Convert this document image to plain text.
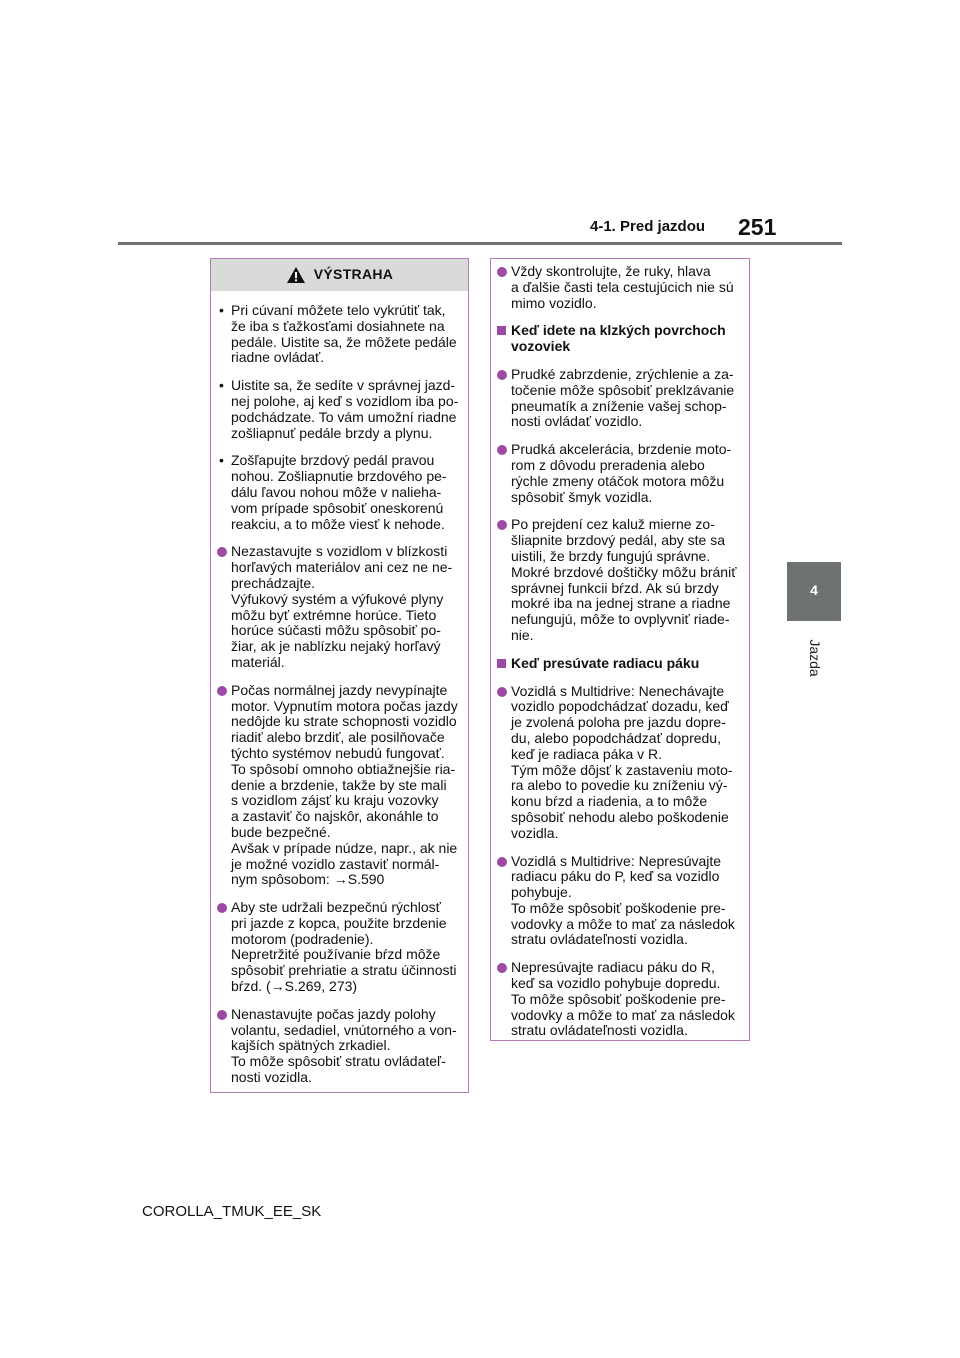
4-1. Pred jazdou 251
4
Jazda
VÝSTRAHA
• Pri cúvaní môžete telo vykrútiť tak,
že iba s ťažkosťami dosiahnete na
pedále. Uistite sa, že môžete pedále
riadne ovládať.
• Uistite sa, že sedíte v správnej jazd-
nej polohe, aj keď s vozidlom iba po-
podchádzate. To vám umožní riadne
zošliapnuť pedále brzdy a plynu.
• Zošľapujte brzdový pedál pravou
nohou. Zošliapnutie brzdového pe-
dálu ľavou nohou môže v nalieha-
vom prípade spôsobiť oneskorenú
reakciu, a to môže viesť k nehode.
Nezastavujte s vozidlom v blízkosti
horľavých materiálov ani cez ne ne-
prechádzajte.
Výfukový systém a výfukové plyny
môžu byť extrémne horúce. Tieto
horúce súčasti môžu spôsobiť po-
žiar, ak je nablízku nejaký horľavý
materiál.
Počas normálnej jazdy nevypínajte
motor. Vypnutím motora počas jazdy
nedôjde ku strate schopnosti vozidlo
riadiť alebo brzdiť, ale posilňovače
týchto systémov nebudú fungovať.
To spôsobí omnoho obtiažnejšie ria-
denie a brzdenie, takže by ste mali
s vozidlom zájsť ku kraju vozovky
a zastaviť čo najskôr, akonáhle to
bude bezpečné.
Avšak v prípade núdze, napr., ak nie
je možné vozidlo zastaviť normál-
nym spôsobom: →S.590
Aby ste udržali bezpečnú rýchlosť
pri jazde z kopca, použite brzdenie
motorom (podradenie).
Nepretržité používanie bŕzd môže
spôsobiť prehriatie a stratu účinnosti
bŕzd. (→S.269, 273)
Nenastavujte počas jazdy polohy
volantu, sedadiel, vnútorného a von-
kajších spätných zrkadiel.
To môže spôsobiť stratu ovládateľ-
nosti vozidla.
Vždy skontrolujte, že ruky, hlava
a ďalšie časti tela cestujúcich nie sú
mimo vozidlo.
Keď idete na klzkých povrchoch
vozoviek
Prudké zabrzdenie, zrýchlenie a za-
točenie môže spôsobiť preklzávanie
pneumatík a zníženie vašej schop-
nosti ovládať vozidlo.
Prudká akcelerácia, brzdenie moto-
rom z dôvodu preradenia alebo
rýchle zmeny otáčok motora môžu
spôsobiť šmyk vozidla.
Po prejdení cez kaluž mierne zo-
šliapnite brzdový pedál, aby ste sa
uistili, že brzdy fungujú správne.
Mokré brzdové doštičky môžu brániť
správnej funkcii bŕzd. Ak sú brzdy
mokré iba na jednej strane a riadne
nefungujú, môže to ovplyvniť riade-
nie.
Keď presúvate radiacu páku
Vozidlá s Multidrive: Nenechávajte
vozidlo popodchádzať dozadu, keď
je zvolená poloha pre jazdu dopre-
du, alebo popodchádzať dopredu,
keď je radiaca páka v R.
Tým môže dôjsť k zastaveniu moto-
ra alebo to povedie ku zníženiu vý-
konu bŕzd a riadenia, a to môže
spôsobiť nehodu alebo poškodenie
vozidla.
Vozidlá s Multidrive: Nepresúvajte
radiacu páku do P, keď sa vozidlo
pohybuje.
To môže spôsobiť poškodenie pre-
vodovky a môže to mať za následok
stratu ovládateľnosti vozidla.
Nepresúvajte radiacu páku do R,
keď sa vozidlo pohybuje dopredu.
To môže spôsobiť poškodenie pre-
vodovky a môže to mať za následok
stratu ovládateľnosti vozidla.
COROLLA_TMUK_EE_SK
